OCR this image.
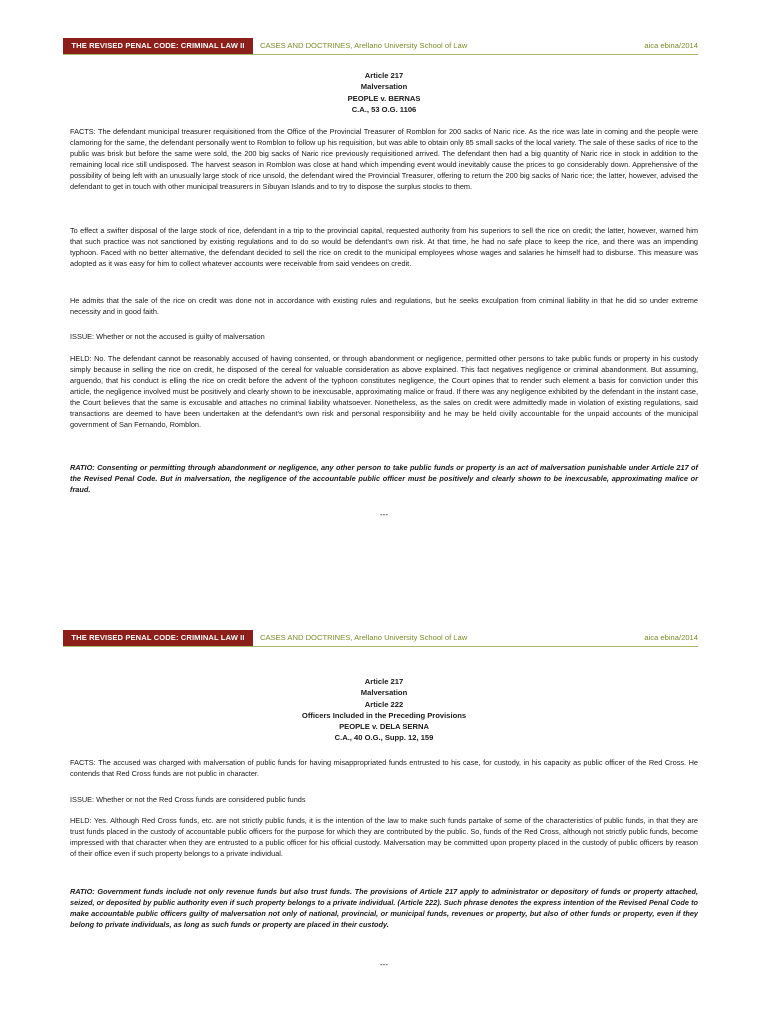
THE REVISED PENAL CODE: CRIMINAL LAW II	CASES AND DOCTRINES, Arellano University School of Law	aica ebina/2014
Article 217
Malversation
PEOPLE v. BERNAS
C.A., 53 O.G. 1106

FACTS: The defendant municipal treasurer requisitioned from the Office of the Provincial Treasurer of Romblon for 200 sacks of Naric rice. As the rice was late in coming and the people were clamoring for the same, the defendant personally went to Romblon to follow up his requisition, but was able to obtain only 85 small sacks of the local variety. The sale of these sacks of rice to the public was brisk but before the same were sold, the 200 big sacks of Naric rice previously requisitioned arrived. The defendant then had a big quantity of Naric rice in stock in addition to the remaining local rice still undisposed. The harvest season in Romblon was close at hand which impending event would inevitably cause the prices to go considerably down. Apprehensive of the possibility of being left with an unusually large stock of rice unsold, the defendant wired the Provincial Treasurer, offering to return the 200 big sacks of Naric rice; the latter, however, advised the defendant to get in touch with other municipal treasurers in Sibuyan Islands and to try to dispose the surplus stocks to them.

To effect a swifter disposal of the large stock of rice, defendant in a trip to the provincial capital, requested authority from his superiors to sell the rice on credit; the latter, however, warned him that such practice was not sanctioned by existing regulations and to do so would be defendant's own risk. At that time, he had no safe place to keep the rice, and there was an impending typhoon. Faced with no better alternative, the defendant decided to sell the rice on credit to the municipal employees whose wages and salaries he himself had to disburse. This measure was adopted as it was easy for him to collect whatever accounts were receivable from said vendees on credit.

He admits that the sale of the rice on credit was done not in accordance with existing rules and regulations, but he seeks exculpation from criminal liability in that he did so under extreme necessity and in good faith.

ISSUE: Whether or not the accused is guilty of malversation

HELD: No. The defendant cannot be reasonably accused of having consented, or through abandonment or negligence, permitted other persons to take public funds or property in his custody simply because in selling the rice on credit, he disposed of the cereal for valuable consideration as above explained. This fact negatives negligence or criminal abandonment. But assuming, arguendo, that his conduct is elling the rice on credit before the advent of the typhoon constitutes negligence, the Court opines that to render such element a basis for conviction under this article, the negligence involved must be positively and clearly shown to be inexcusable, approximating malice or fraud. If there was any negligence exhibited by the defendant in the instant case, the Court believes that the same is excusable and attaches no criminal liability whatsoever. Nonetheless, as the sales on credit were admittedly made in violation of existing regulations, said transactions are deemed to have been undertaken at the defendant's own risk and personal responsibility and he may be held civilly accountable for the unpaid accounts of the municipal government of San Fernando, Romblon.

RATIO: Consenting or permitting through abandonment or negligence, any other person to take public funds or property is an act of malversation punishable under Article 217 of the Revised Penal Code. But in malversation, the negligence of the accountable public officer must be positively and clearly shown to be inexcusable, approximating malice or fraud.

---
THE REVISED PENAL CODE: CRIMINAL LAW II	CASES AND DOCTRINES, Arellano University School of Law	aica ebina/2014
Article 217
Malversation
Article 222
Officers Included in the Preceding Provisions
PEOPLE v. DELA SERNA
C.A., 40 O.G., Supp. 12, 159

FACTS: The accused was charged with malversation of public funds for having misappropriated funds entrusted to his case, for custody, in his capacity as public officer of the Red Cross. He contends that Red Cross funds are not public in character.

ISSUE: Whether or not the Red Cross funds are considered public funds

HELD: Yes. Although Red Cross funds, etc. are not strictly public funds, it is the intention of the law to make such funds partake of some of the characteristics of public funds, in that they are trust funds placed in the custody of accountable public officers for the purpose for which they are contributed by the public. So, funds of the Red Cross, although not strictly public funds, become impressed with that character when they are entrusted to a public officer for his official custody. Malversation may be committed upon property placed in the custody of public officers by reason of their office even if such property belongs to a private individual.

RATIO: Government funds include not only revenue funds but also trust funds. The provisions of Article 217 apply to administrator or depository of funds or property attached, seized, or deposited by public authority even if such property belongs to a private individual. (Article 222). Such phrase denotes the express intention of the Revised Penal Code to make accountable public officers guilty of malversation not only of national, provincial, or municipal funds, revenues or property, but also of other funds or property, even if they belong to private individuals, as long as such funds or property are placed in their custody.

---
